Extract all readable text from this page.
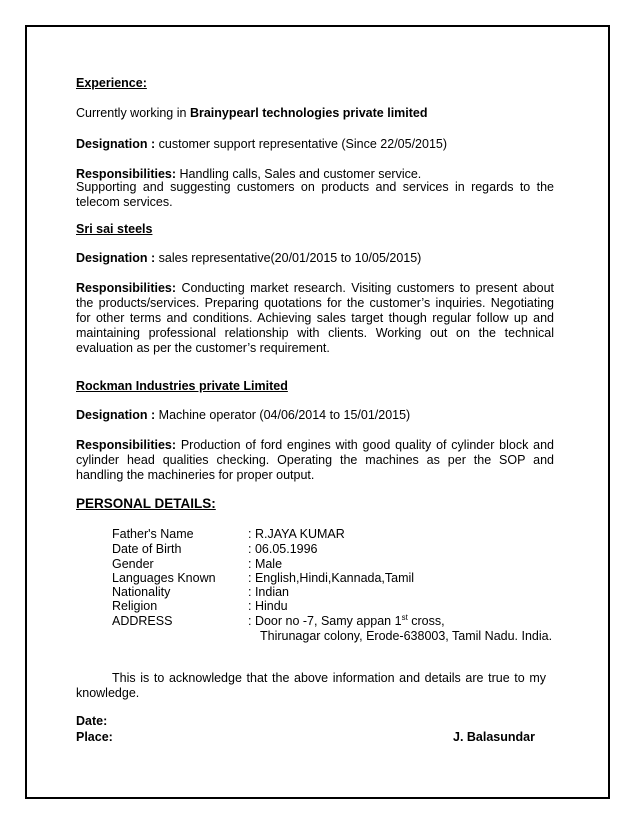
Experience:
Currently working in Brainypearl technologies private limited
Designation : customer support representative (Since 22/05/2015)
Responsibilities: Handling calls, Sales and customer service.
Supporting and suggesting customers on products and services in regards to the telecom services.
Sri sai steels
Designation : sales representative(20/01/2015 to 10/05/2015)
Responsibilities: Conducting market research. Visiting customers to present about the products/services. Preparing quotations for the customer’s inquiries. Negotiating for other terms and conditions. Achieving sales target though regular follow up and maintaining professional relationship with clients. Working out on the technical evaluation as per the customer’s requirement.
Rockman Industries private Limited
Designation : Machine operator (04/06/2014 to 15/01/2015)
Responsibilities: Production of ford engines with good quality of cylinder block and cylinder head qualities checking. Operating the machines as per the SOP and handling the machineries for proper output.
PERSONAL DETAILS:
Father's Name	: R.JAYA KUMAR
Date of Birth	: 06.05.1996
Gender	: Male
Languages Known	: English,Hindi,Kannada,Tamil
Nationality	: Indian
Religion	: Hindu
ADDRESS	: Door no -7, Samy appan 1st cross,
Thirunagar colony, Erode-638003, Tamil Nadu. India.
This is to acknowledge that the above information and details are true to my knowledge.
Date:
Place:	J. Balasundar
